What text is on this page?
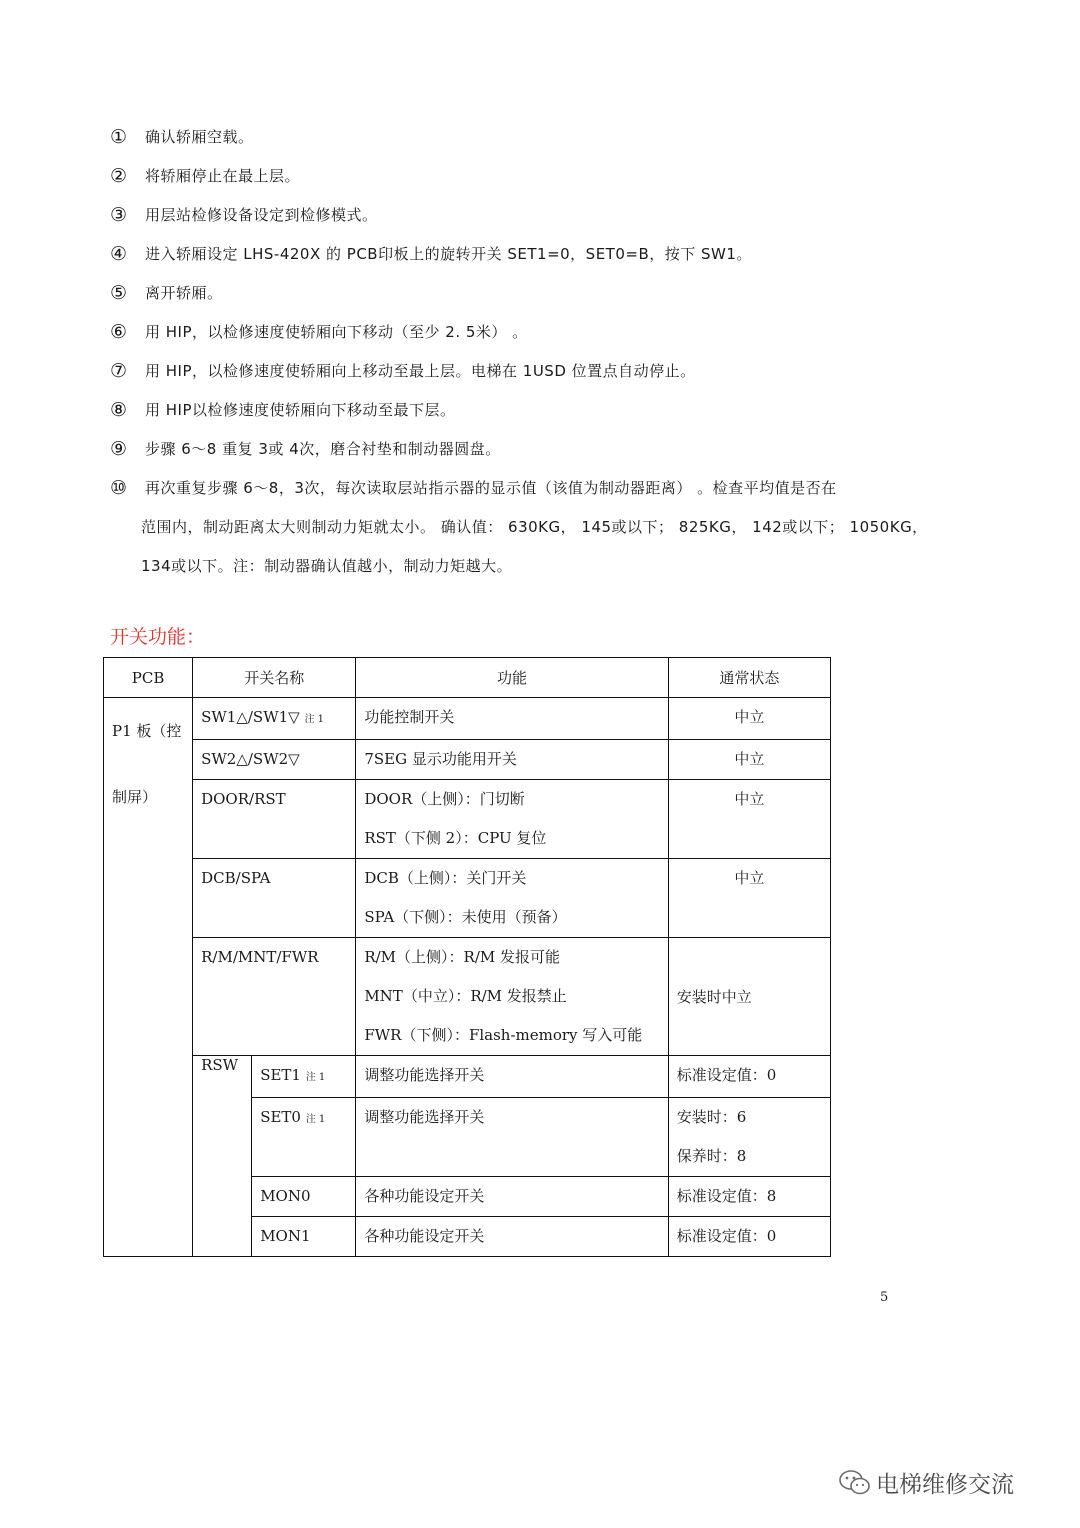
① 确认轿厢空载。
② 将轿厢停止在最上层。
③ 用层站检修设备设定到检修模式。
④ 进入轿厢设定 LHS-420X 的 PCB印板上的旋转开关 SET1=0，SET0=B，按下 SW1。
⑤ 离开轿厢。
⑥ 用 HIP，以检修速度使轿厢向下移动（至少 2. 5米） 。
⑦ 用 HIP，以检修速度使轿厢向上移动至最上层。电梯在 1USD 位置点自动停止。
⑧ 用 HIP以检修速度使轿厢向下移动至最下层。
⑨ 步骤 6～8 重复 3或 4次，磨合衬垫和制动器圆盘。
⑩ 再次重复步骤 6～8，3次，每次读取层站指示器的显示值（该值为制动器距离） 。检查平均值是否在
范围内，制动距离太大则制动力矩就太小。 确认值： 630KG， 145或以下； 825KG， 142或以下； 1050KG，
134或以下。注：制动器确认值越小，制动力矩越大。
开关功能：
PCB	开关名称		功能	通常状态

P1 板（控
制屏）	SW1△/SW1▽ 注 1		功能控制开关	中立
	SW2△/SW2▽		7SEG 显示功能用开关	中立
	DOOR/RST		DOOR（上侧）：门切断
RST（下侧 2）：CPU 复位	中立
	DCB/SPA		DCB（上侧）：关门开关
SPA（下侧）：未使用（预备）	中立
	R/M/MNT/FWR		R/M（上侧）：R/M 发报可能
MNT（中立）：R/M 发报禁止
FWR（下侧）：Flash-memory 写入可能	安装时中立
	RSW	SET1 注 1	调整功能选择开关	标准设定值：0
		SET0 注 1	调整功能选择开关	安装时：6
保养时：8

		MON0	各种功能设定开关	标准设定值：8
		MON1	各种功能设定开关	标准设定值：0
5
电梯维修交流
